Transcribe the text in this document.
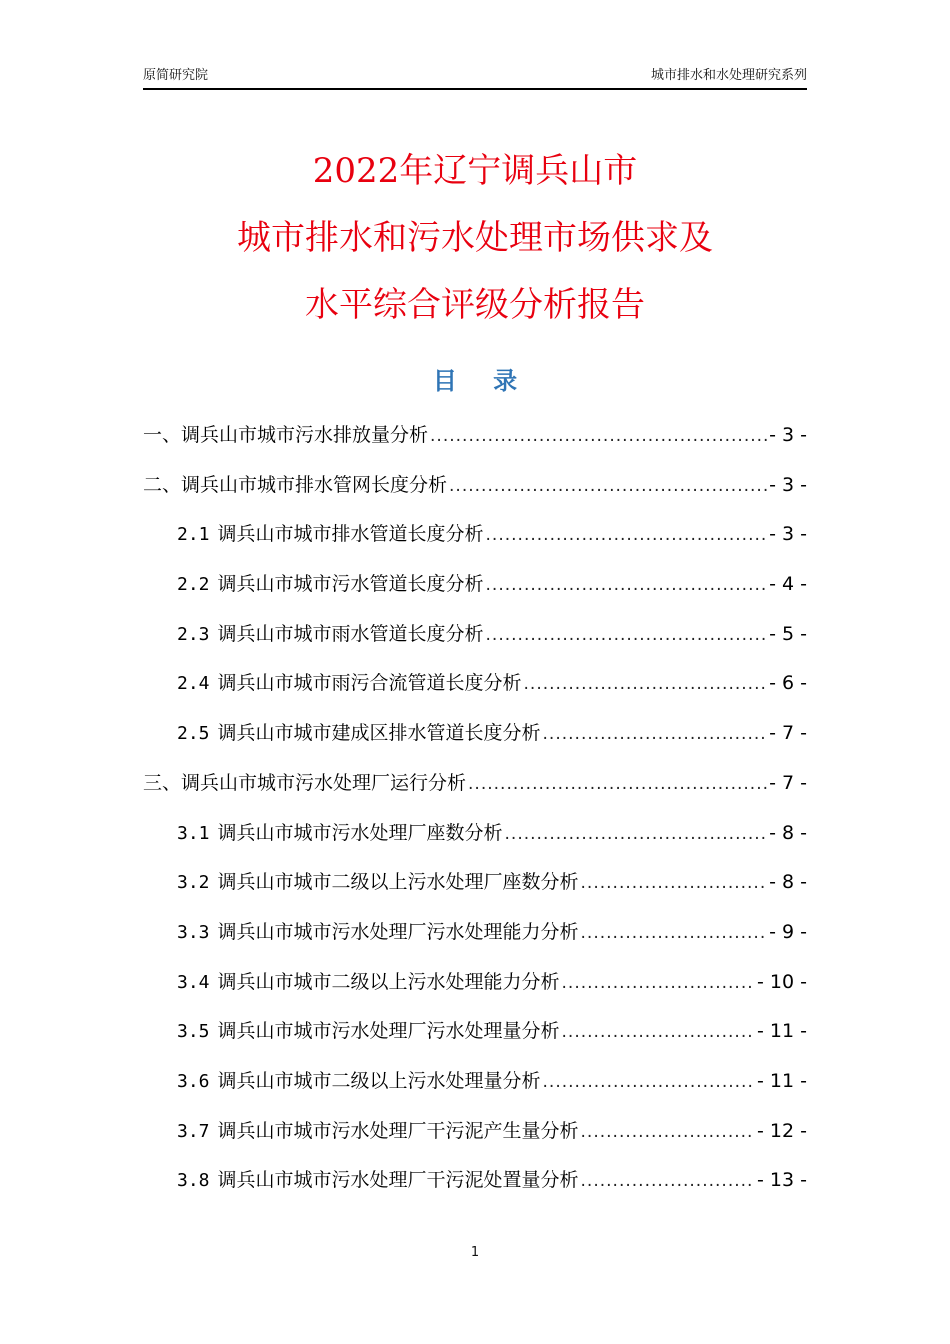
原简研究院	城市排水和水处理研究系列
2022年辽宁调兵山市
城市排水和污水处理市场供求及
水平综合评级分析报告
目 录
一、 调兵山市城市污水排放量分析 .....	- 3 -
二、 调兵山市城市排水管网长度分析 .....	- 3 -
2.1 调兵山市城市排水管道长度分析 .....	- 3 -
2.2 调兵山市城市污水管道长度分析 .....	- 4 -
2.3 调兵山市城市雨水管道长度分析 .....	- 5 -
2.4 调兵山市城市雨污合流管道长度分析 .....	- 6 -
2.5 调兵山市城市建成区排水管道长度分析 .....	- 7 -
三、 调兵山市城市污水处理厂运行分析 .....	- 7 -
3.1 调兵山市城市污水处理厂座数分析 .....	- 8 -
3.2 调兵山市城市二级以上污水处理厂座数分析 .....	- 8 -
3.3 调兵山市城市污水处理厂污水处理能力分析 .....	- 9 -
3.4 调兵山市城市二级以上污水处理能力分析 .....	- 10 -
3.5 调兵山市城市污水处理厂污水处理量分析 .....	- 11 -
3.6 调兵山市城市二级以上污水处理量分析 .....	- 11 -
3.7 调兵山市城市污水处理厂干污泥产生量分析 .....	- 12 -
3.8 调兵山市城市污水处理厂干污泥处置量分析 .....	- 13 -
1
